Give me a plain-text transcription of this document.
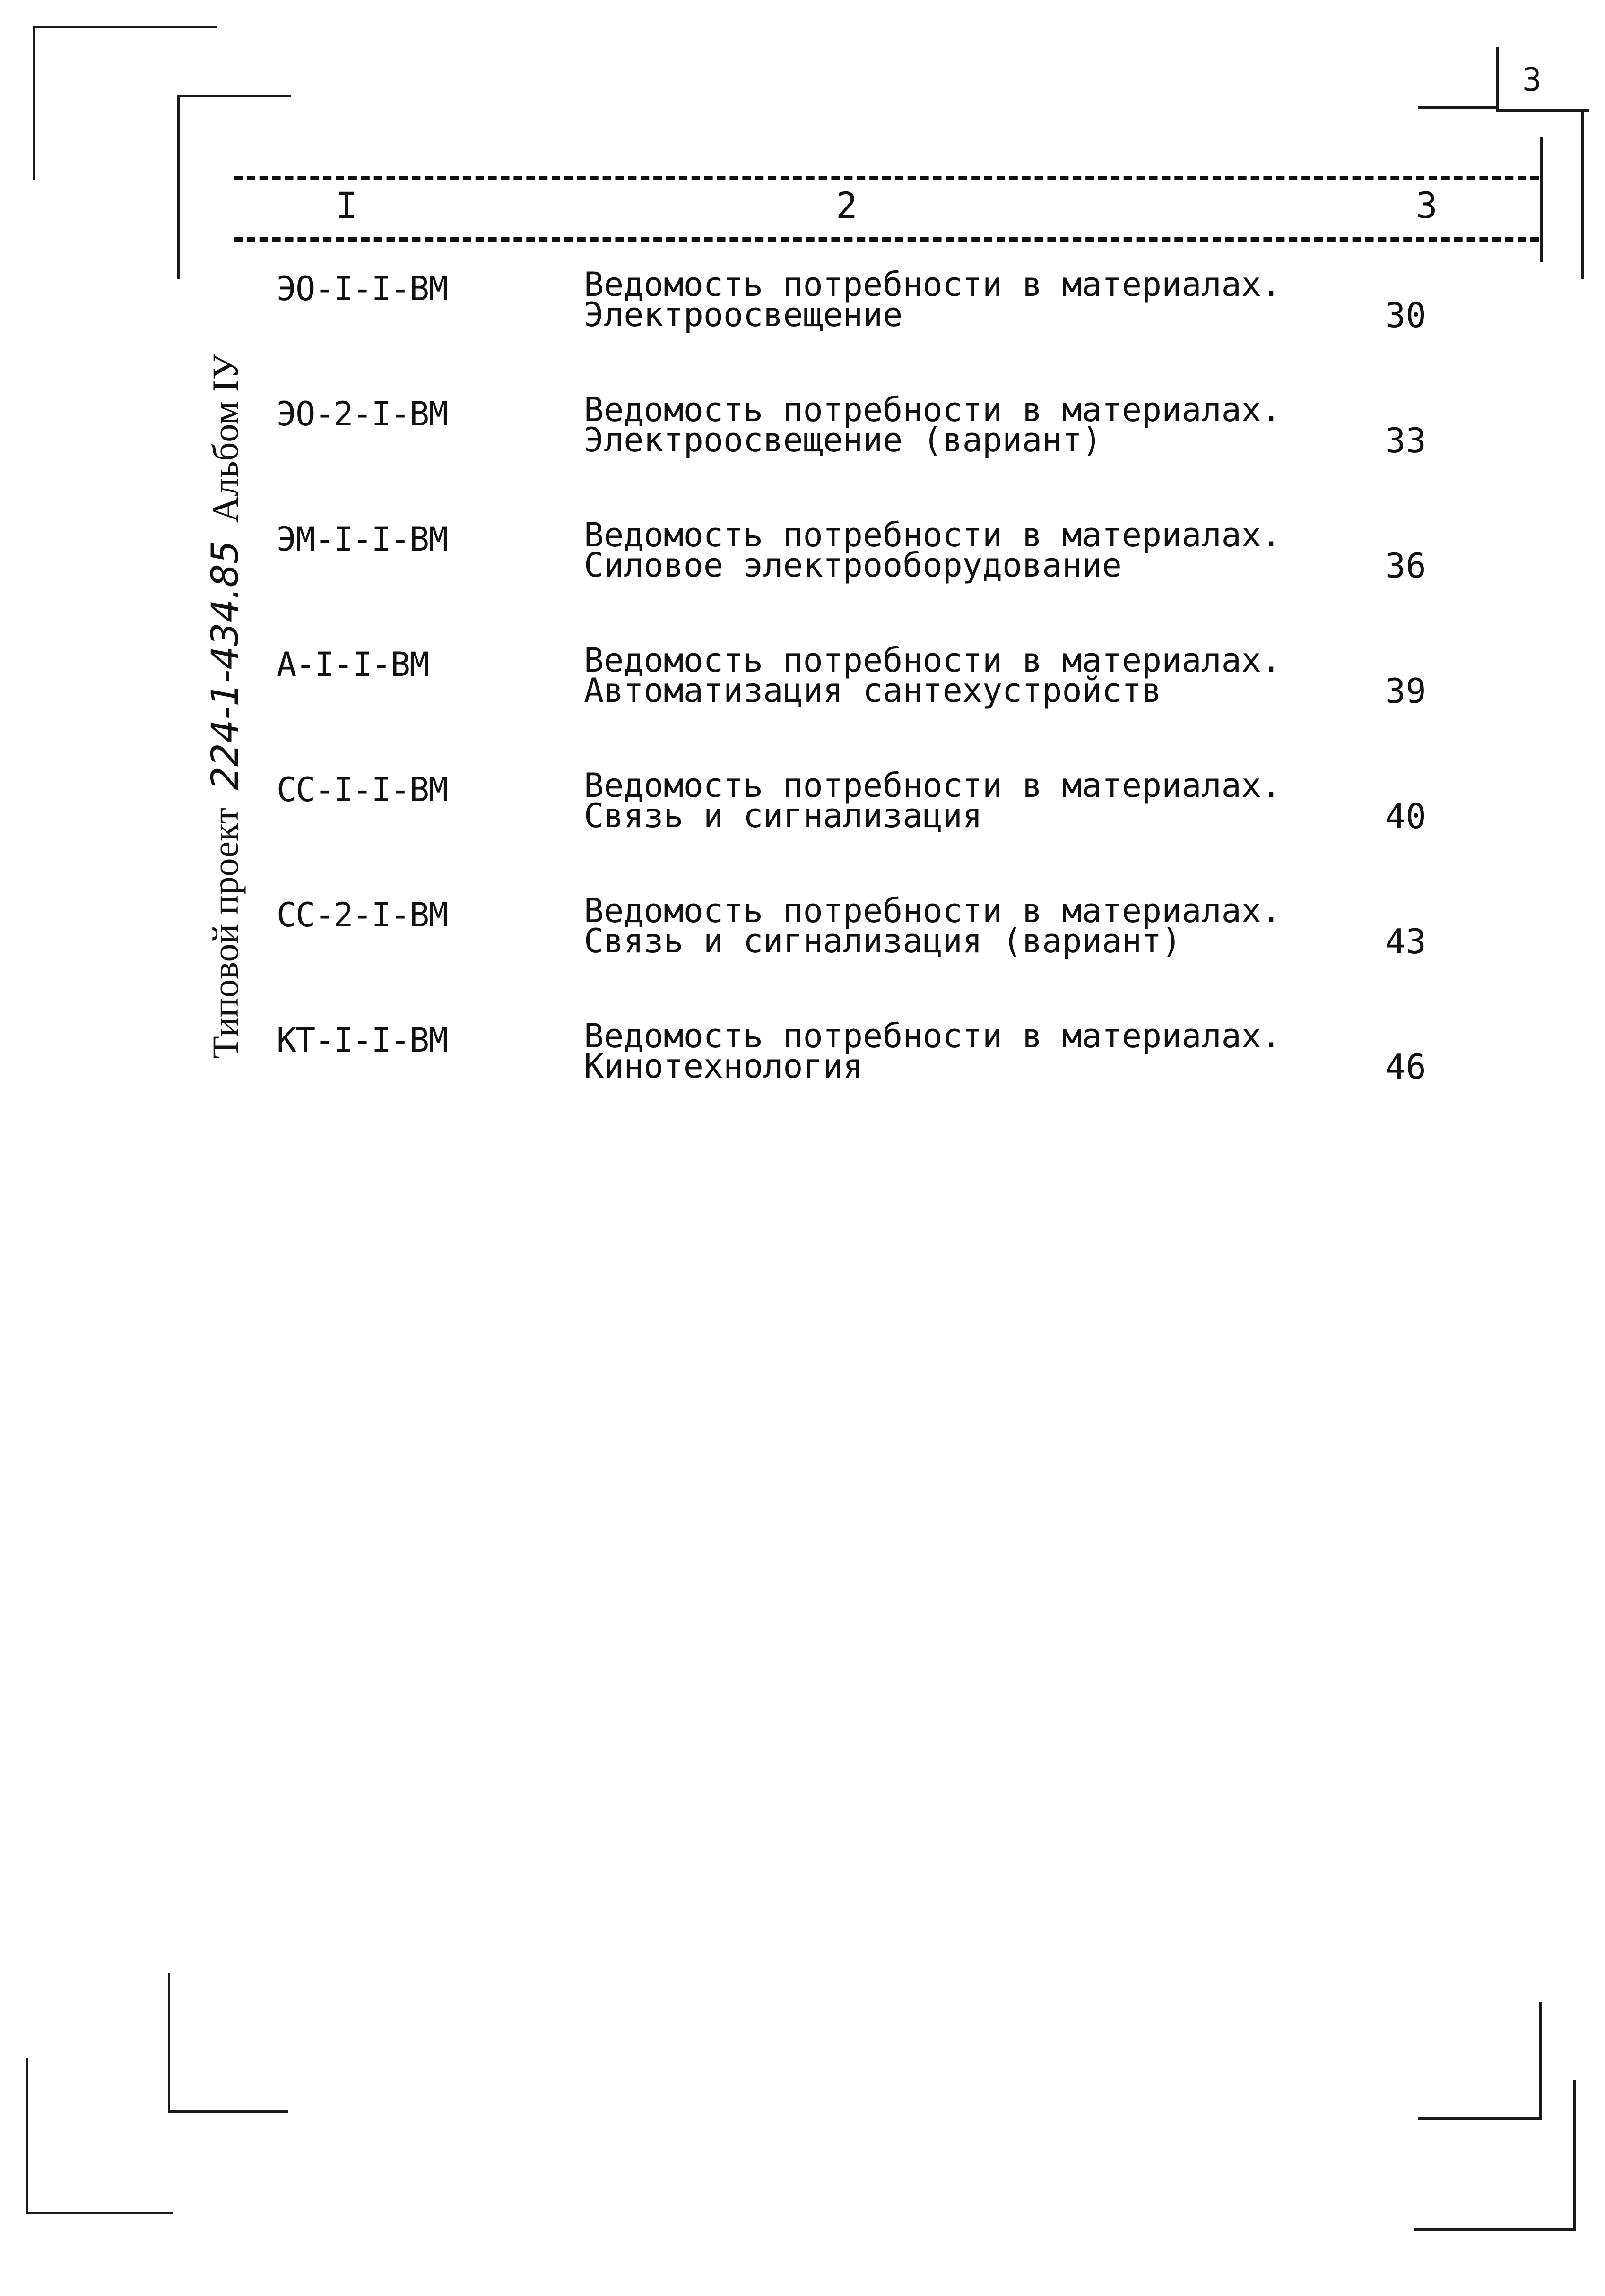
3
Типовой проект 224-1-434.85 Альбом IУ
I	2	3
ЭО-I-I-ВМ	Ведомость потребности в материалах.
Электроосвещение	30
ЭО-2-I-ВМ	Ведомость потребности в материалах.
Электроосвещение (вариант)	33
ЭМ-I-I-ВМ	Ведомость потребности в материалах.
Силовое электрооборудование	36
А-I-I-ВМ	Ведомость потребности в материалах.
Автоматизация сантехустройств	39
СС-I-I-ВМ	Ведомость потребности в материалах.
Связь и сигнализация	40
СС-2-I-ВМ	Ведомость потребности в материалах.
Связь и сигнализация (вариант)	43
КТ-I-I-ВМ	Ведомость потребности в материалах.
Кинотехнология	46
